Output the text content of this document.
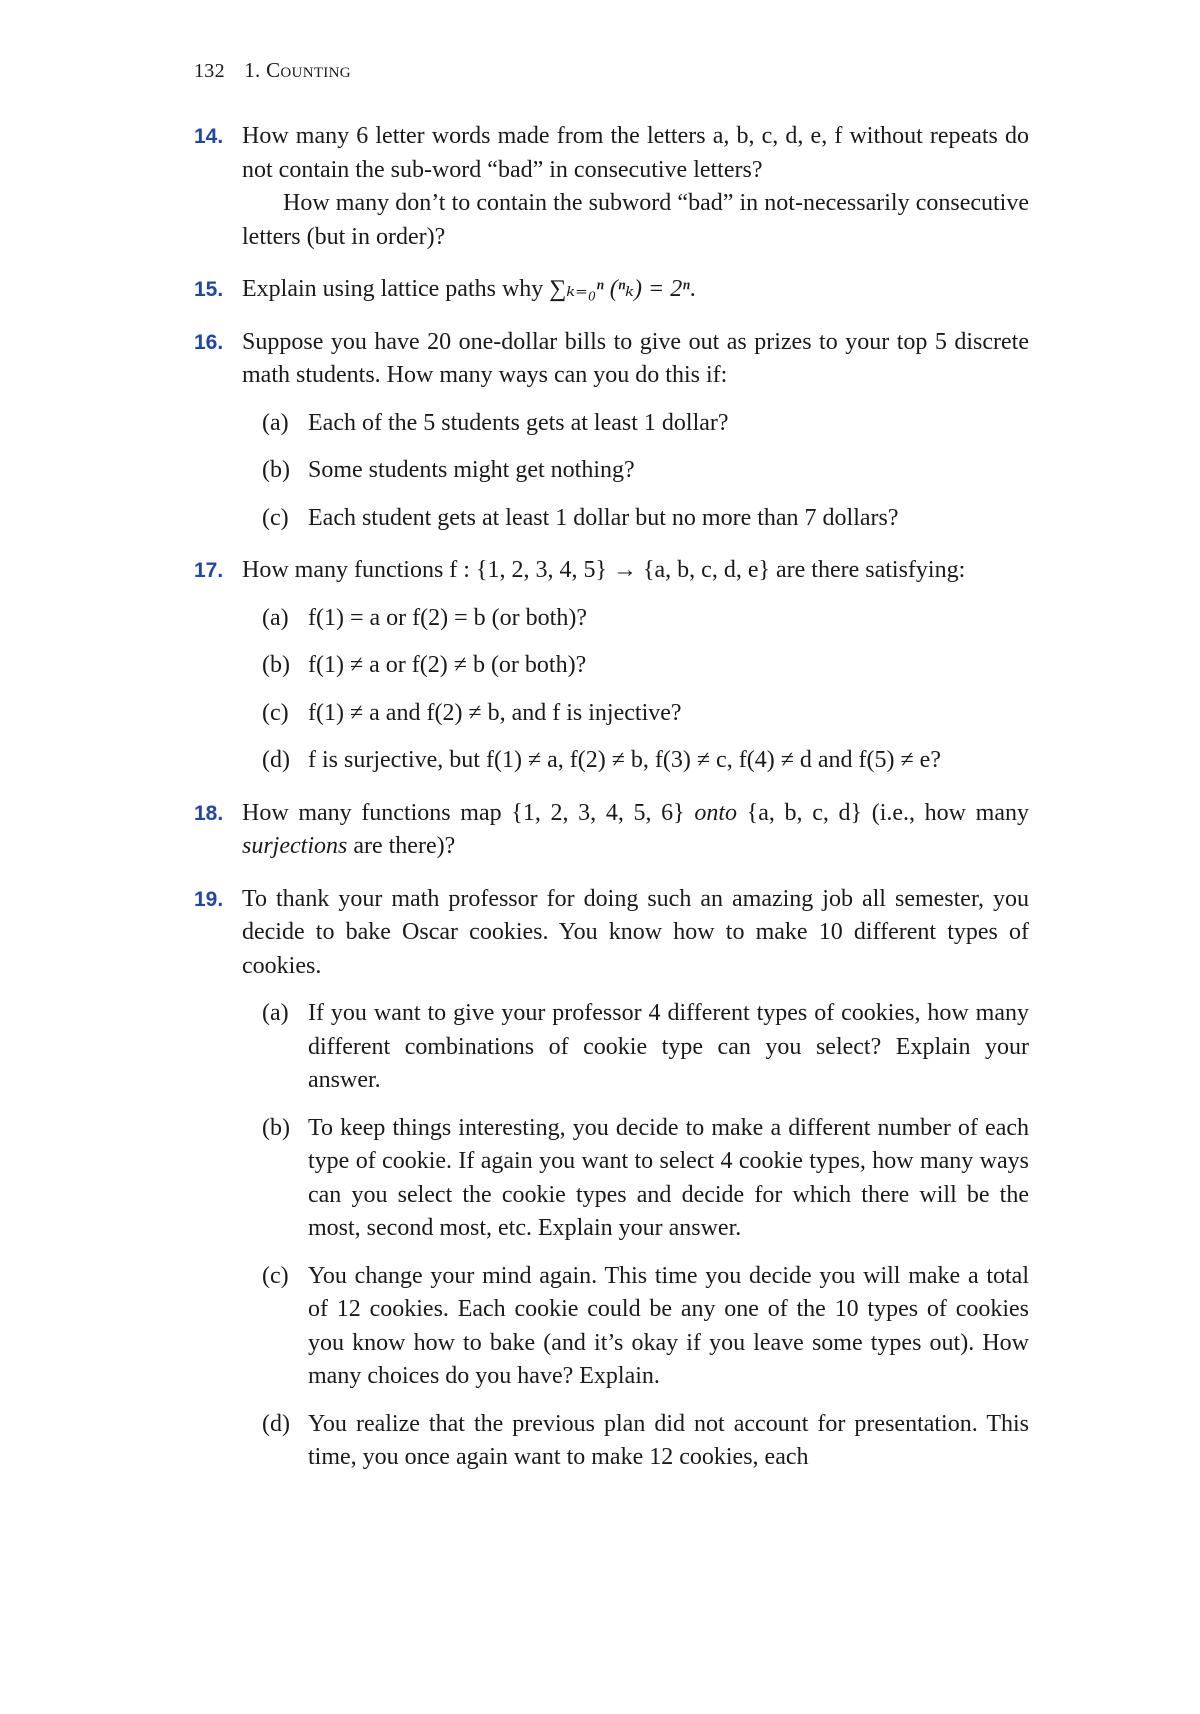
132 1. Counting
14. How many 6 letter words made from the letters a, b, c, d, e, f without repeats do not contain the sub-word “bad” in consecutive letters?
How many don’t to contain the subword “bad” in not-necessarily consecutive letters (but in order)?
15. Explain using lattice paths why ∑ₖ₌₀ⁿ (ⁿₖ) = 2ⁿ.
16. Suppose you have 20 one-dollar bills to give out as prizes to your top 5 discrete math students. How many ways can you do this if:
(a) Each of the 5 students gets at least 1 dollar?
(b) Some students might get nothing?
(c) Each student gets at least 1 dollar but no more than 7 dollars?
17. How many functions f : {1, 2, 3, 4, 5} → {a, b, c, d, e} are there satisfying:
(a) f(1) = a or f(2) = b (or both)?
(b) f(1) ≠ a or f(2) ≠ b (or both)?
(c) f(1) ≠ a and f(2) ≠ b, and f is injective?
(d) f is surjective, but f(1) ≠ a, f(2) ≠ b, f(3) ≠ c, f(4) ≠ d and f(5) ≠ e?
18. How many functions map {1, 2, 3, 4, 5, 6} onto {a, b, c, d} (i.e., how many surjections are there)?
19. To thank your math professor for doing such an amazing job all semester, you decide to bake Oscar cookies. You know how to make 10 different types of cookies.
(a) If you want to give your professor 4 different types of cookies, how many different combinations of cookie type can you select? Explain your answer.
(b) To keep things interesting, you decide to make a different number of each type of cookie. If again you want to select 4 cookie types, how many ways can you select the cookie types and decide for which there will be the most, second most, etc. Explain your answer.
(c) You change your mind again. This time you decide you will make a total of 12 cookies. Each cookie could be any one of the 10 types of cookies you know how to bake (and it’s okay if you leave some types out). How many choices do you have? Explain.
(d) You realize that the previous plan did not account for presentation. This time, you once again want to make 12 cookies, each
